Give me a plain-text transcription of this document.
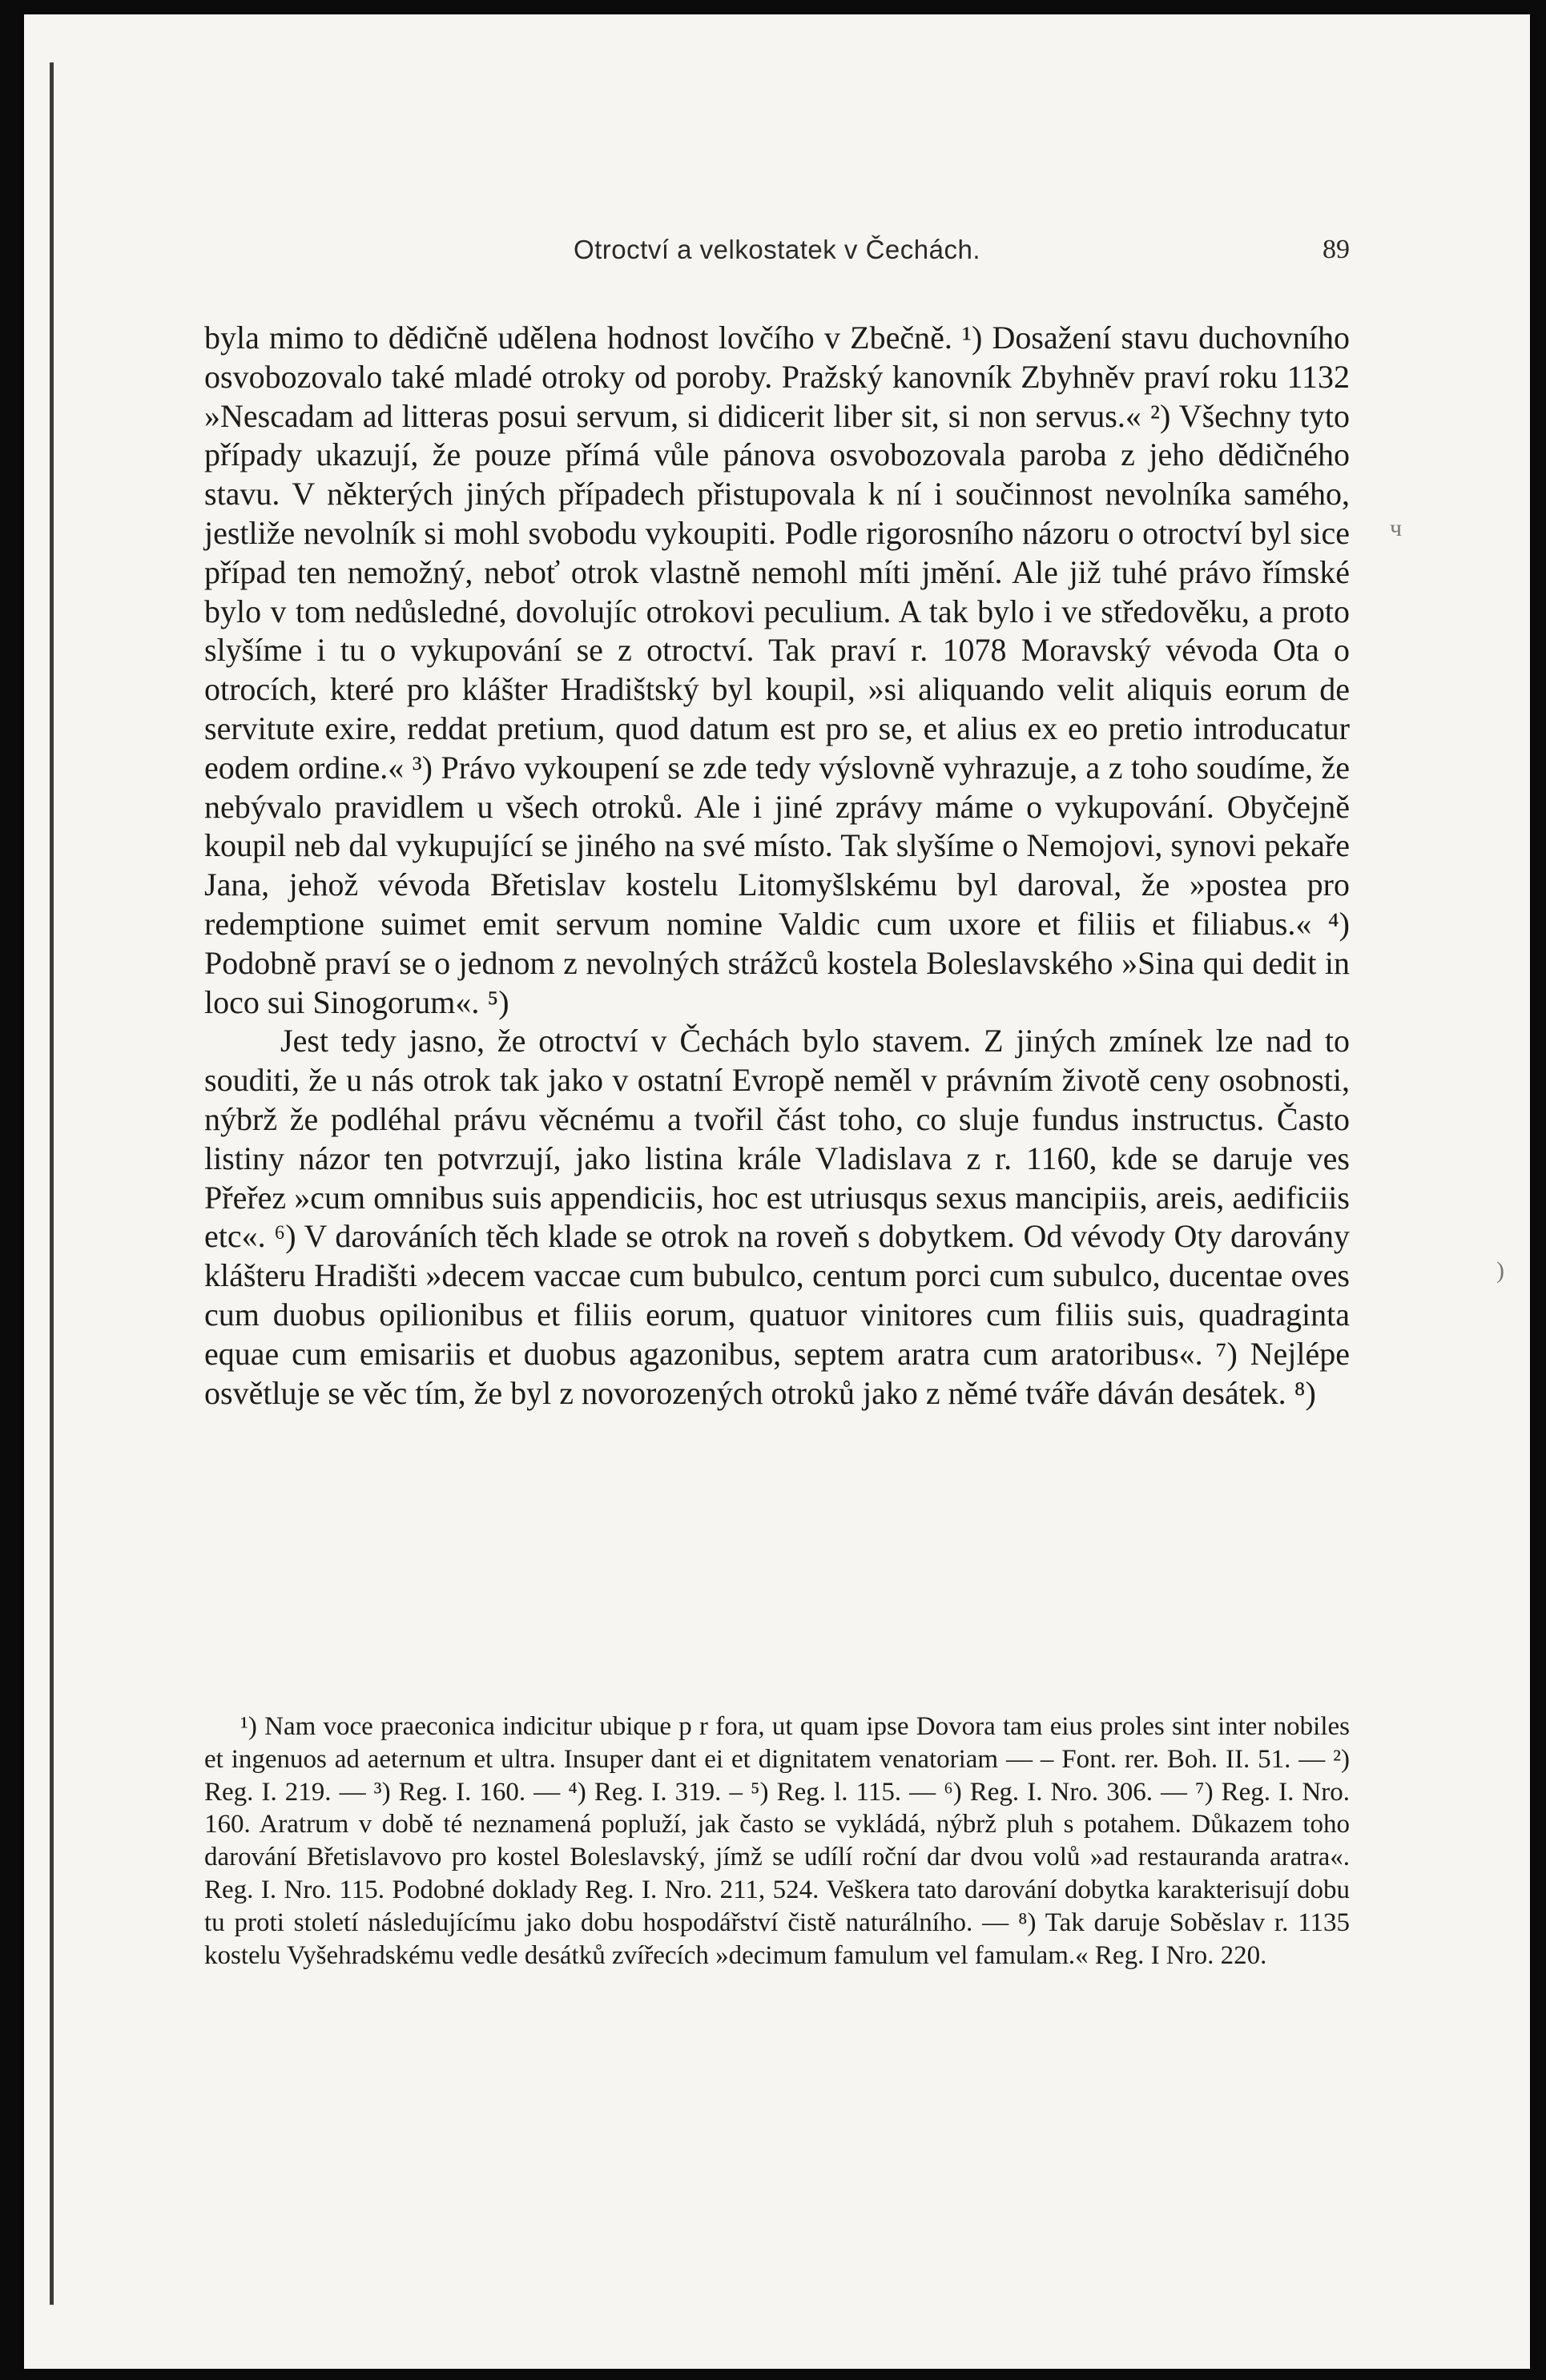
Otroctví a velkostatek v Čechách.	89

byla mimo to dědičně udělena hodnost lovčího v Zbečně. ¹) Dosažení stavu duchovního osvobozovalo také mladé otroky od poroby. Pražský kanovník Zbyhněv praví roku 1132 »Nescadam ad litteras posui servum, si didicerit liber sit, si non servus.« ²) Všechny tyto případy ukazují, že pouze přímá vůle pánova osvobozovala paroba z jeho dědičného stavu. V některých jiných případech přistupovala k ní i součinnost nevolníka samého, jestliže nevolník si mohl svobodu vykoupiti. Podle rigorosního názoru o otroctví byl sice případ ten nemožný, neboť otrok vlastně nemohl míti jmění. Ale již tuhé právo římské bylo v tom nedůsledné, dovolujíc otrokovi peculium. A tak bylo i ve středověku, a proto slyšíme i tu o vykupování se z otroctví. Tak praví r. 1078 Moravský vévoda Ota o otrocích, které pro klášter Hradištský byl koupil, »si aliquando velit aliquis eorum de servitute exire, reddat pretium, quod datum est pro se, et alius ex eo pretio introducatur eodem ordine.« ³) Právo vykoupení se zde tedy výslovně vyhrazuje, a z toho soudíme, že nebývalo pravidlem u všech otroků. Ale i jiné zprávy máme o vykupování. Obyčejně koupil neb dal vykupující se jiného na své místo. Tak slyšíme o Nemojovi, synovi pekaře Jana, jehož vévoda Břetislav kostelu Litomyšlskému byl daroval, že »postea pro redemptione suimet emit servum nomine Valdic cum uxore et filiis et filiabus.« ⁴) Podobně praví se o jednom z nevolných strážců kostela Boleslavského »Sina qui dedit in loco sui Sinogorum«. ⁵)

Jest tedy jasno, že otroctví v Čechách bylo stavem. Z jiných zmínek lze nad to souditi, že u nás otrok tak jako v ostatní Evropě neměl v právním životě ceny osobnosti, nýbrž že podléhal právu věcnému a tvořil část toho, co sluje fundus instructus. Často listiny názor ten potvrzují, jako listina krále Vladislava z r. 1160, kde se daruje ves Přeřez »cum omnibus suis appendiciis, hoc est utriusqus sexus mancipiis, areis, aedificiis etc«. ⁶) V darováních těch klade se otrok na roveň s dobytkem. Od vévody Oty darovány klášteru Hradišti »decem vaccae cum bubulco, centum porci cum subulco, ducentae oves cum duobus opilionibus et filiis eorum, quatuor vinitores cum filiis suis, quadraginta equae cum emisariis et duobus agazonibus, septem aratra cum aratoribus«. ⁷) Nejlépe osvětluje se věc tím, že byl z novorozených otroků jako z němé tváře dáván desátek. ⁸)

¹) Nam voce praeconica indicitur ubique p r fora, ut quam ipse Dovora tam eius proles sint inter nobiles et ingenuos ad aeternum et ultra. Insuper dant ei et dignitatem venatoriam — – Font. rer. Boh. II. 51. — ²) Reg. I. 219. — ³) Reg. I. 160. — ⁴) Reg. I. 319. – ⁵) Reg. l. 115. — ⁶) Reg. I. Nro. 306. — ⁷) Reg. I. Nro. 160. Aratrum v době té neznamená popluží, jak často se vykládá, nýbrž pluh s potahem. Důkazem toho darování Břetislavovo pro kostel Boleslavský, jímž se udílí roční dar dvou volů »ad restauranda aratra«. Reg. I. Nro. 115. Podobné doklady Reg. I. Nro. 211, 524. Veškera tato darování dobytka karakterisují dobu tu proti století následujícímu jako dobu hospodářství čistě naturálního. — ⁸) Tak daruje Soběslav r. 1135 kostelu Vyšehradskému vedle desátků zvířecích »decimum famulum vel famulam.« Reg. I Nro. 220.

ч
)
